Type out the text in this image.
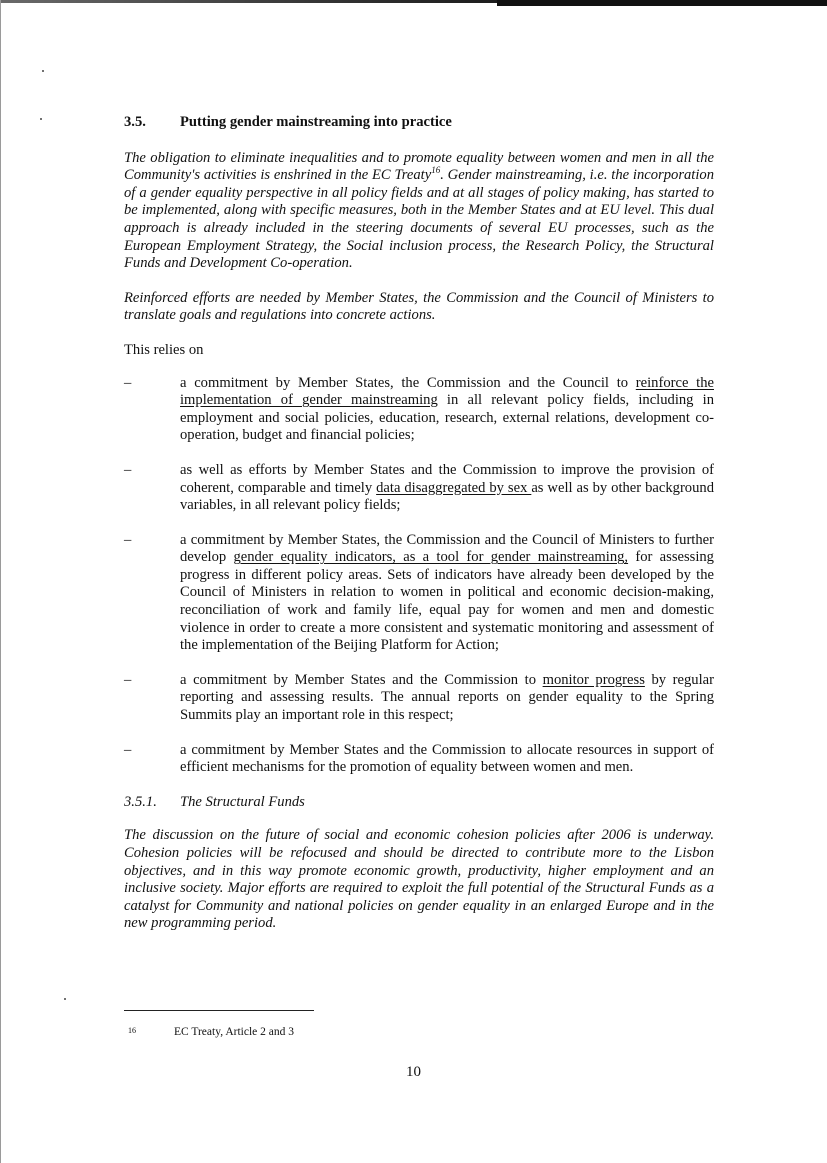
3.5.	Putting gender mainstreaming into practice

The obligation to eliminate inequalities and to promote equality between women and men in all the Community's activities is enshrined in the EC Treaty$^{16}$. Gender mainstreaming, i.e. the incorporation of a gender equality perspective in all policy fields and at all stages of policy making, has started to be implemented, along with specific measures, both in the Member States and at EU level. This dual approach is already included in the steering documents of several EU processes, such as the European Employment Strategy, the Social inclusion process, the Research Policy, the Structural Funds and Development Co-operation.

Reinforced efforts are needed by Member States, the Commission and the Council of Ministers to translate goals and regulations into concrete actions.

This relies on

–	a commitment by Member States, the Commission and the Council to reinforce the implementation of gender mainstreaming in all relevant policy fields, including in employment and social policies, education, research, external relations, development co-operation, budget and financial policies;
–	as well as efforts by Member States and the Commission to improve the provision of coherent, comparable and timely data disaggregated by sex as well as by other background variables, in all relevant policy fields;
–	a commitment by Member States, the Commission and the Council of Ministers to further develop gender equality indicators, as a tool for gender mainstreaming, for assessing progress in different policy areas. Sets of indicators have already been developed by the Council of Ministers in relation to women in political and economic decision-making, reconciliation of work and family life, equal pay for women and men and domestic violence in order to create a more consistent and systematic monitoring and assessment of the implementation of the Beijing Platform for Action;
–	a commitment by Member States and the Commission to monitor progress by regular reporting and assessing results. The annual reports on gender equality to the Spring Summits play an important role in this respect;
–	a commitment by Member States and the Commission to allocate resources in support of efficient mechanisms for the promotion of equality between women and men.
3.5.1.	The Structural Funds

The discussion on the future of social and economic cohesion policies after 2006 is underway. Cohesion policies will be refocused and should be directed to contribute more to the Lisbon objectives, and in this way promote economic growth, productivity, higher employment and an inclusive society. Major efforts are required to exploit the full potential of the Structural Funds as a catalyst for Community and national policies on gender equality in an enlarged Europe and in the new programming period.

16	EC Treaty, Article 2 and 3
10
